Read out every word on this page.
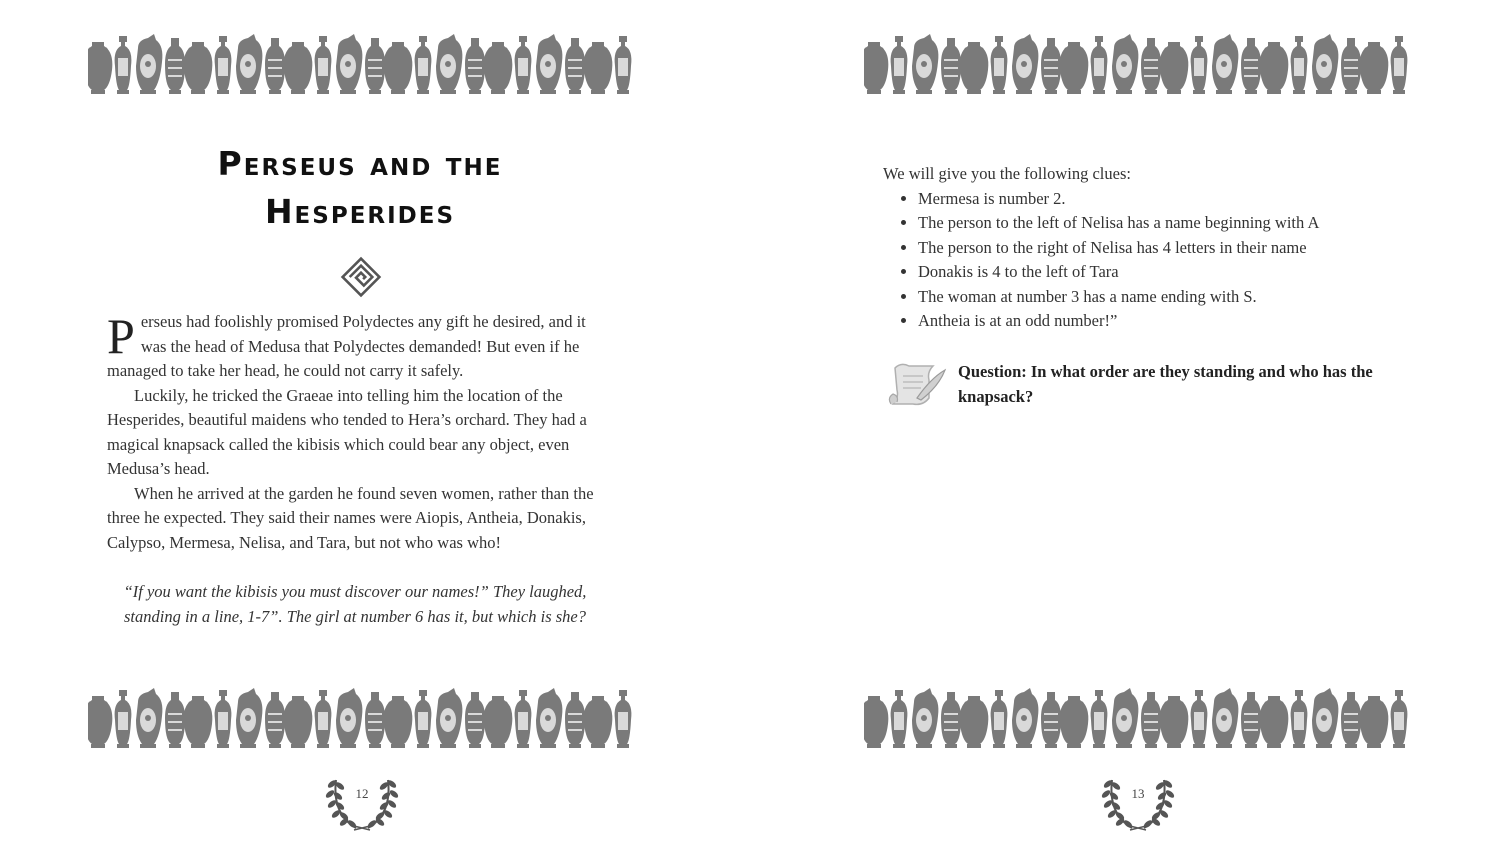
Perseus and the
Hesperides

Perseus had foolishly promised Polydectes any gift he desired, and it was the head of Medusa that Polydectes demanded! But even if he managed to take her head, he could not carry it safely.

Luckily, he tricked the Graeae into telling him the location of the Hesperides, beautiful maidens who tended to Hera’s orchard. They had a magical knapsack called the kibisis which could bear any object, even Medusa’s head.

When he arrived at the garden he found seven women, rather than the three he expected. They said their names were Aiopis, Antheia, Donakis, Calypso, Mermesa, Nelisa, and Tara, but not who was who!

“If you want the kibisis you must discover our names!” They laughed,
standing in a line, 1-7”. The girl at number 6 has it, but which is she?
12

We will give you the following clues:

• Mermesa is number 2.
• The person to the left of Nelisa has a name beginning with A
• The person to the right of Nelisa has 4 letters in their name
• Donakis is 4 to the left of Tara
• The woman at number 3 has a name ending with S.
• Antheia is at an odd number!”
Question: In what order are they standing and who has the knapsack?
13
